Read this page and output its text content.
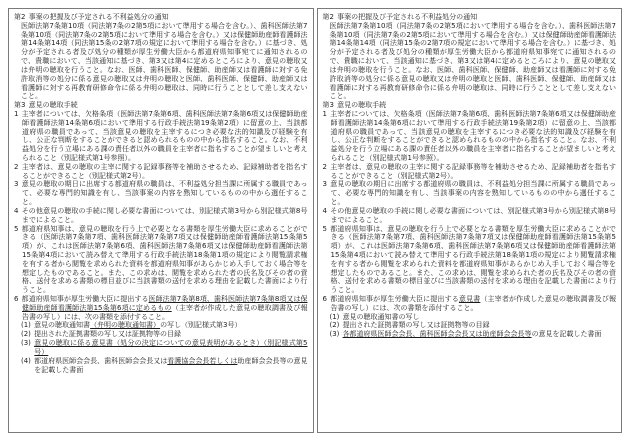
第2 事案の把握及び予定される不利益処分の通知
医師法第7条第10項（同法第7条の2第5項において準用する場合を含む。）、歯科医師法第7条第10項（同法第7条の2第5項において準用する場合を含む。）又は保健師助産師看護師法第14条第14項（同法第15条の2第7項の規定において準用する場合を含む。）に基づき、処分が予定される者及び処分の種類が厚生労働大臣から都道府県知事宛てに通知されるので、貴職において、当該通知に基づき、第3又は第4に定めるところにより、意見の聴取又は弁明の聴取を行うこと。なお、医師、歯科医師、保健師、助産師又は看護師に対する免許取消等の処分に係る意見の聴取又は弁明の聴取と医師、歯科医師、保健師、助産師又は看護師に対する再教育研修命令に係る弁明の聴取は、同時に行うこととして差し支えないこと。
第3 意見の聴取手続
1 主宰者については、欠格条項（医師法第7条第6項、歯科医師法第7条第6項又は保健師助産師看護師法第14条第6項において準用する行政手続法第19条第2項）に留意の上、当該都道府県の職員であって、当該意見の聴取を主宰するにつき必要な法的知識及び経験を有し、公正な判断をすることができると認められるものの中から指名すること。なお、不利益処分を行う立場にある課の責任者以外の職員を主宰者に指名することが望ましいと考えられること（別記様式第1号参照）。
2 主宰者は、意見の聴取の主宰に関する記録事務等を補助させるため、記録補助者を指名することができること（別記様式第2号）。
3 意見の聴取の期日に出席する都道府県の職員は、不利益処分担当課に所属する職員であって、必要な専門的知識を有し、当該事案の内容を熟知しているものの中から選任すること。
4 その他意見の聴取の手続に関し必要な書面については、別記様式第3号から別記様式第8号までによること。
5 都道府県知事は、意見の聴取を行う上で必要となる書類を厚生労働大臣に求めることができる（医師法第7条第7項、歯科医師法第7条第7項又は保健師助産師看護師法第15条第5項）が、これは医師法第7条第6項、歯科医師法第7条第6項又は保健師助産師看護師法第15条第4項において読み替えて準用する行政手続法第18条第1項の規定により閲覧請求権を有する者から閲覧を求められた資料を都道府県知事があらかじめ入手しておく場合等を想定したものであること。また、この求めは、閲覧を求められた者の氏名及びその者の資格、送付を求める書類の標目並びに当該書類の送付を求める理由を記載した書面により行うこと。
6 都道府県知事が厚生労働大臣に提出する医師法第7条第8項、歯科医師法第7条第8項又は保健師助産師看護師法第15条第6項に定めるもの（主宰者が作成した意見の聴取調書及び報告書の写し）には、次の書類を添付すること。
(1) 意見の聴取通知書（弁明の聴取通知書）の写し（別記様式第3号）
(2) 提出された証拠書類の写し又は証拠物等の目録
(3) 意見の聴取に係る意見書（処分の決定についての意見表明があるとき）（別記様式第5号）
(4) 都道府県医師会会長、歯科医師会会長又は看護協会会長若しくは助産師会会長等の意見を記載した書面
第2 事案の把握及び予定される不利益処分の通知
医師法第7条第10項（同法第7条の2第5項において準用する場合を含む。）、歯科医師法第7条第10項（同法第7条の2第5項において準用する場合を含む。）又は保健師助産師看護師法第14条第14項（同法第15条の2第7項の規定において準用する場合を含む。）に基づき、処分が予定される者及び処分の種類が厚生労働大臣から都道府県知事宛てに通知されるので、貴職において、当該通知に基づき、第3又は第4に定めるところにより、意見の聴取又は弁明の聴取を行うこと。なお、医師、歯科医師、保健師、助産師又は看護師に対する免許取消等の処分に係る意見の聴取又は弁明の聴取と医師、歯科医師、保健師、助産師又は看護師に対する再教育研修命令に係る弁明の聴取は、同時に行うこととして差し支えないこと。
第3 意見の聴取手続
1 主宰者については、欠格条項（医師法第7条第6項、歯科医師法第7条第6項又は保健師助産師看護師法第14条第6項において準用する行政手続法第19条第2項）に留意の上、当該都道府県の職員であって、当該意見の聴取を主宰するにつき必要な法的知識及び経験を有し、公正な判断をすることができると認められるものの中から指名すること。なお、不利益処分を行う立場にある課の責任者以外の職員を主宰者に指名することが望ましいと考えられること（別記様式第1号参照）。
2 主宰者は、意見の聴取の主宰に関する記録事務等を補助させるため、記録補助者を指名することができること（別記様式第2号）。
3 意見の聴取の期日に出席する都道府県の職員は、不利益処分担当課に所属する職員であって、必要な専門的知識を有し、当該事案の内容を熟知しているものの中から選任すること。
4 その他意見の聴取の手続に関し必要な書面については、別記様式第3号から別記様式第8号までによること。
5 都道府県知事は、意見の聴取を行う上で必要となる書類を厚生労働大臣に求めることができる（医師法第7条第7項、歯科医師法第7条第7項又は保健師助産師看護師法第15条第5項）が、これは医師法第7条第6項、歯科医師法第7条第6項又は保健師助産師看護師法第15条第4項において読み替えて準用する行政手続法第18条第1項の規定により閲覧請求権を有する者から閲覧を求められた資料を都道府県知事があらかじめ入手しておく場合等を想定したものであること。また、この求めは、閲覧を求められた者の氏名及びその者の資格、送付を求める書類の標目並びに当該書類の送付を求める理由を記載した書面により行うこと。
6 都道府県知事が厚生労働大臣に提出する意見書（主宰者が作成した意見の聴取調書及び報告書の写し）には、次の書類を添付すること。
(1) 意見の聴取通知書の写し
(2) 提出された証拠書類の写し又は証拠物等の目録
(3) 各都道府県医師会会長、歯科医師会会長又は助産師会会長等の意見を記載した書面
